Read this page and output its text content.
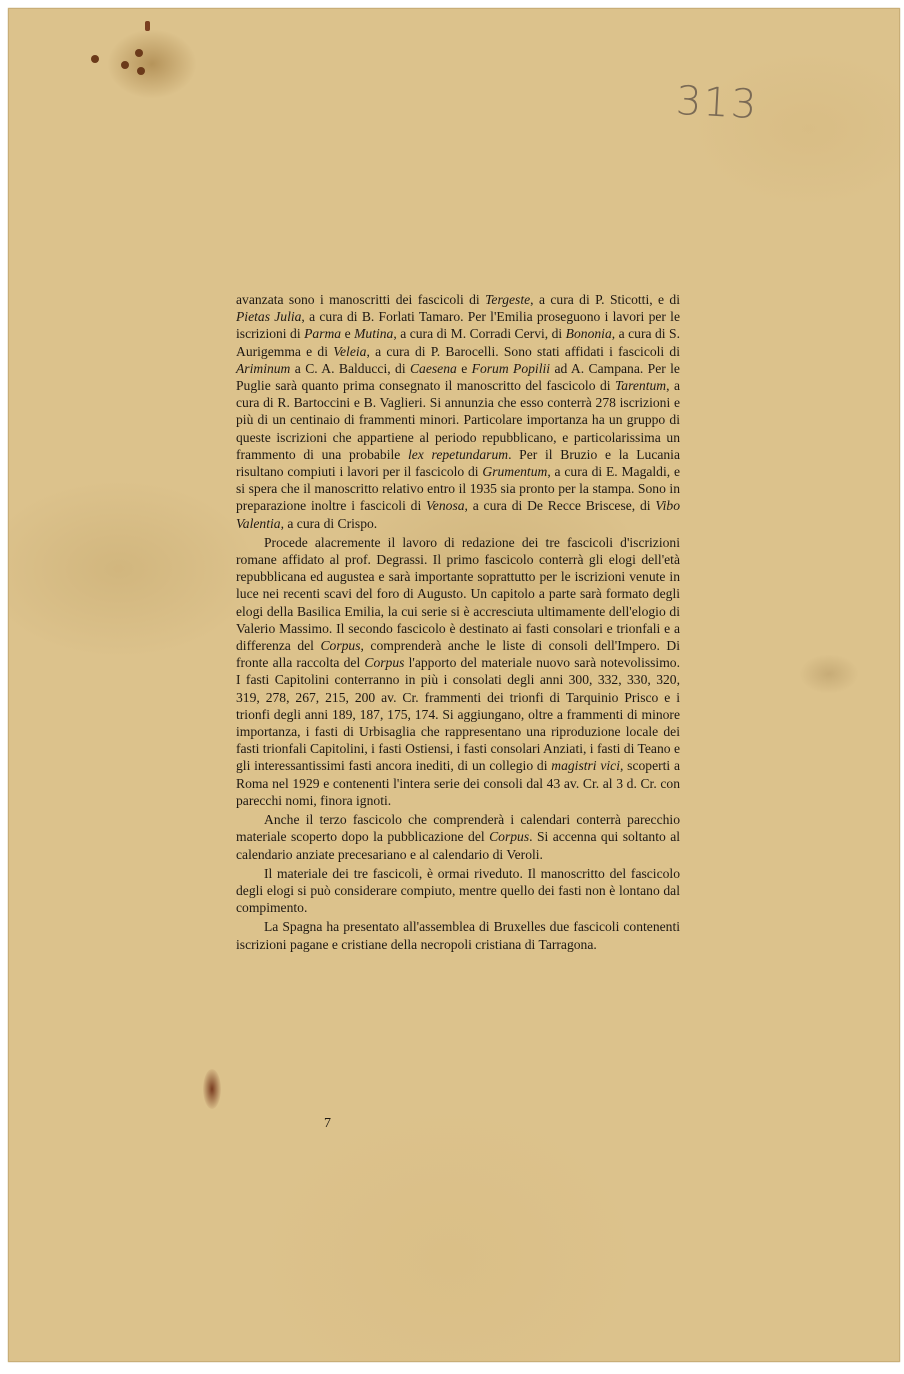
313

avanzata sono i manoscritti dei fascicoli di Tergeste, a cura di P. Sticotti, e di Pietas Julia, a cura di B. Forlati Tamaro. Per l'Emilia proseguono i lavori per le iscrizioni di Parma e Mutina, a cura di M. Corradi Cervi, di Bononia, a cura di S. Aurigemma e di Veleia, a cura di P. Barocelli. Sono stati affidati i fascicoli di Ariminum a C. A. Balducci, di Caesena e Forum Popilii ad A. Campana. Per le Puglie sarà quanto prima consegnato il manoscritto del fascicolo di Tarentum, a cura di R. Bartoccini e B. Vaglieri. Si annunzia che esso conterrà 278 iscrizioni e più di un centinaio di frammenti minori. Particolare importanza ha un gruppo di queste iscrizioni che appartiene al periodo repubblicano, e particolarissima un frammento di una probabile lex repetundarum. Per il Bruzio e la Lucania risultano compiuti i lavori per il fascicolo di Grumentum, a cura di E. Magaldi, e si spera che il manoscritto relativo entro il 1935 sia pronto per la stampa. Sono in preparazione inoltre i fascicoli di Venosa, a cura di De Recce Briscese, di Vibo Valentia, a cura di Crispo.

Procede alacremente il lavoro di redazione dei tre fascicoli d'iscrizioni romane affidato al prof. Degrassi. Il primo fascicolo conterrà gli elogi dell'età repubblicana ed augustea e sarà importante soprattutto per le iscrizioni venute in luce nei recenti scavi del foro di Augusto. Un capitolo a parte sarà formato degli elogi della Basilica Emilia, la cui serie si è accresciuta ultimamente dell'elogio di Valerio Massimo. Il secondo fascicolo è destinato ai fasti consolari e trionfali e a differenza del Corpus, comprenderà anche le liste di consoli dell'Impero. Di fronte alla raccolta del Corpus l'apporto del materiale nuovo sarà notevolissimo. I fasti Capitolini conterranno in più i consolati degli anni 300, 332, 330, 320, 319, 278, 267, 215, 200 av. Cr. frammenti dei trionfi di Tarquinio Prisco e i trionfi degli anni 189, 187, 175, 174. Si aggiungano, oltre a frammenti di minore importanza, i fasti di Urbisaglia che rappresentano una riproduzione locale dei fasti trionfali Capitolini, i fasti Ostiensi, i fasti consolari Anziati, i fasti di Teano e gli interessantissimi fasti ancora inediti, di un collegio di magistri vici, scoperti a Roma nel 1929 e contenenti l'intera serie dei consoli dal 43 av. Cr. al 3 d. Cr. con parecchi nomi, finora ignoti.

Anche il terzo fascicolo che comprenderà i calendari conterrà parecchio materiale scoperto dopo la pubblicazione del Corpus. Si accenna qui soltanto al calendario anziate precesariano e al calendario di Veroli.

Il materiale dei tre fascicoli, è ormai riveduto. Il manoscritto del fascicolo degli elogi si può considerare compiuto, mentre quello dei fasti non è lontano dal compimento.

La Spagna ha presentato all'assemblea di Bruxelles due fascicoli contenenti iscrizioni pagane e cristiane della necropoli cristiana di Tarragona.

7
